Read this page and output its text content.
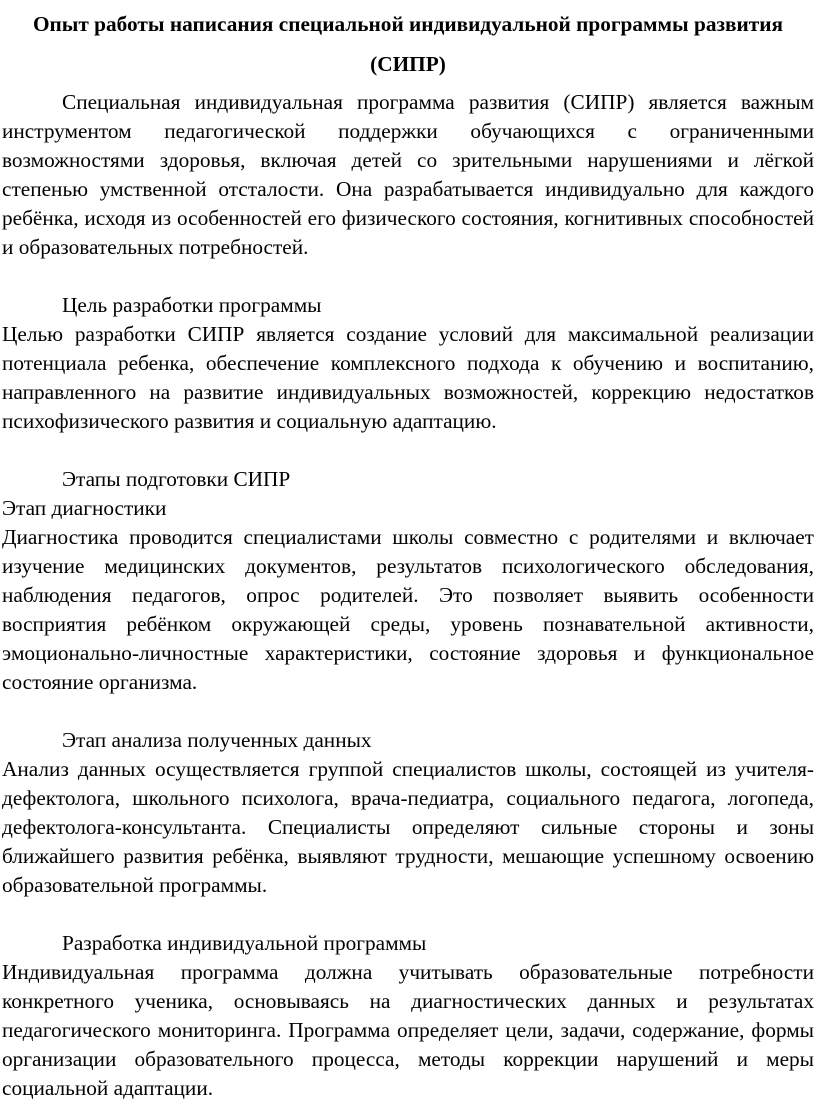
Опыт работы написания специальной индивидуальной программы развития (СИПР)

Специальная индивидуальная программа развития (СИПР) является важным инструментом педагогической поддержки обучающихся с ограниченными возможностями здоровья, включая детей со зрительными нарушениями и лёгкой степенью умственной отсталости. Она разрабатывается индивидуально для каждого ребёнка, исходя из особенностей его физического состояния, когнитивных способностей и образовательных потребностей.

Цель разработки программы

Целью разработки СИПР является создание условий для максимальной реализации потенциала ребенка, обеспечение комплексного подхода к обучению и воспитанию, направленного на развитие индивидуальных возможностей, коррекцию недостатков психофизического развития и социальную адаптацию.

Этапы подготовки СИПР

Этап диагностики

Диагностика проводится специалистами школы совместно с родителями и включает изучение медицинских документов, результатов психологического обследования, наблюдения педагогов, опрос родителей. Это позволяет выявить особенности восприятия ребёнком окружающей среды, уровень познавательной активности, эмоционально-личностные характеристики, состояние здоровья и функциональное состояние организма.

Этап анализа полученных данных

Анализ данных осуществляется группой специалистов школы, состоящей из учителя-дефектолога, школьного психолога, врача-педиатра, социального педагога, логопеда, дефектолога-консультанта. Специалисты определяют сильные стороны и зоны ближайшего развития ребёнка, выявляют трудности, мешающие успешному освоению образовательной программы.

Разработка индивидуальной программы

Индивидуальная программа должна учитывать образовательные потребности конкретного ученика, основываясь на диагностических данных и результатах педагогического мониторинга. Программа определяет цели, задачи, содержание, формы организации образовательного процесса, методы коррекции нарушений и меры социальной адаптации.
